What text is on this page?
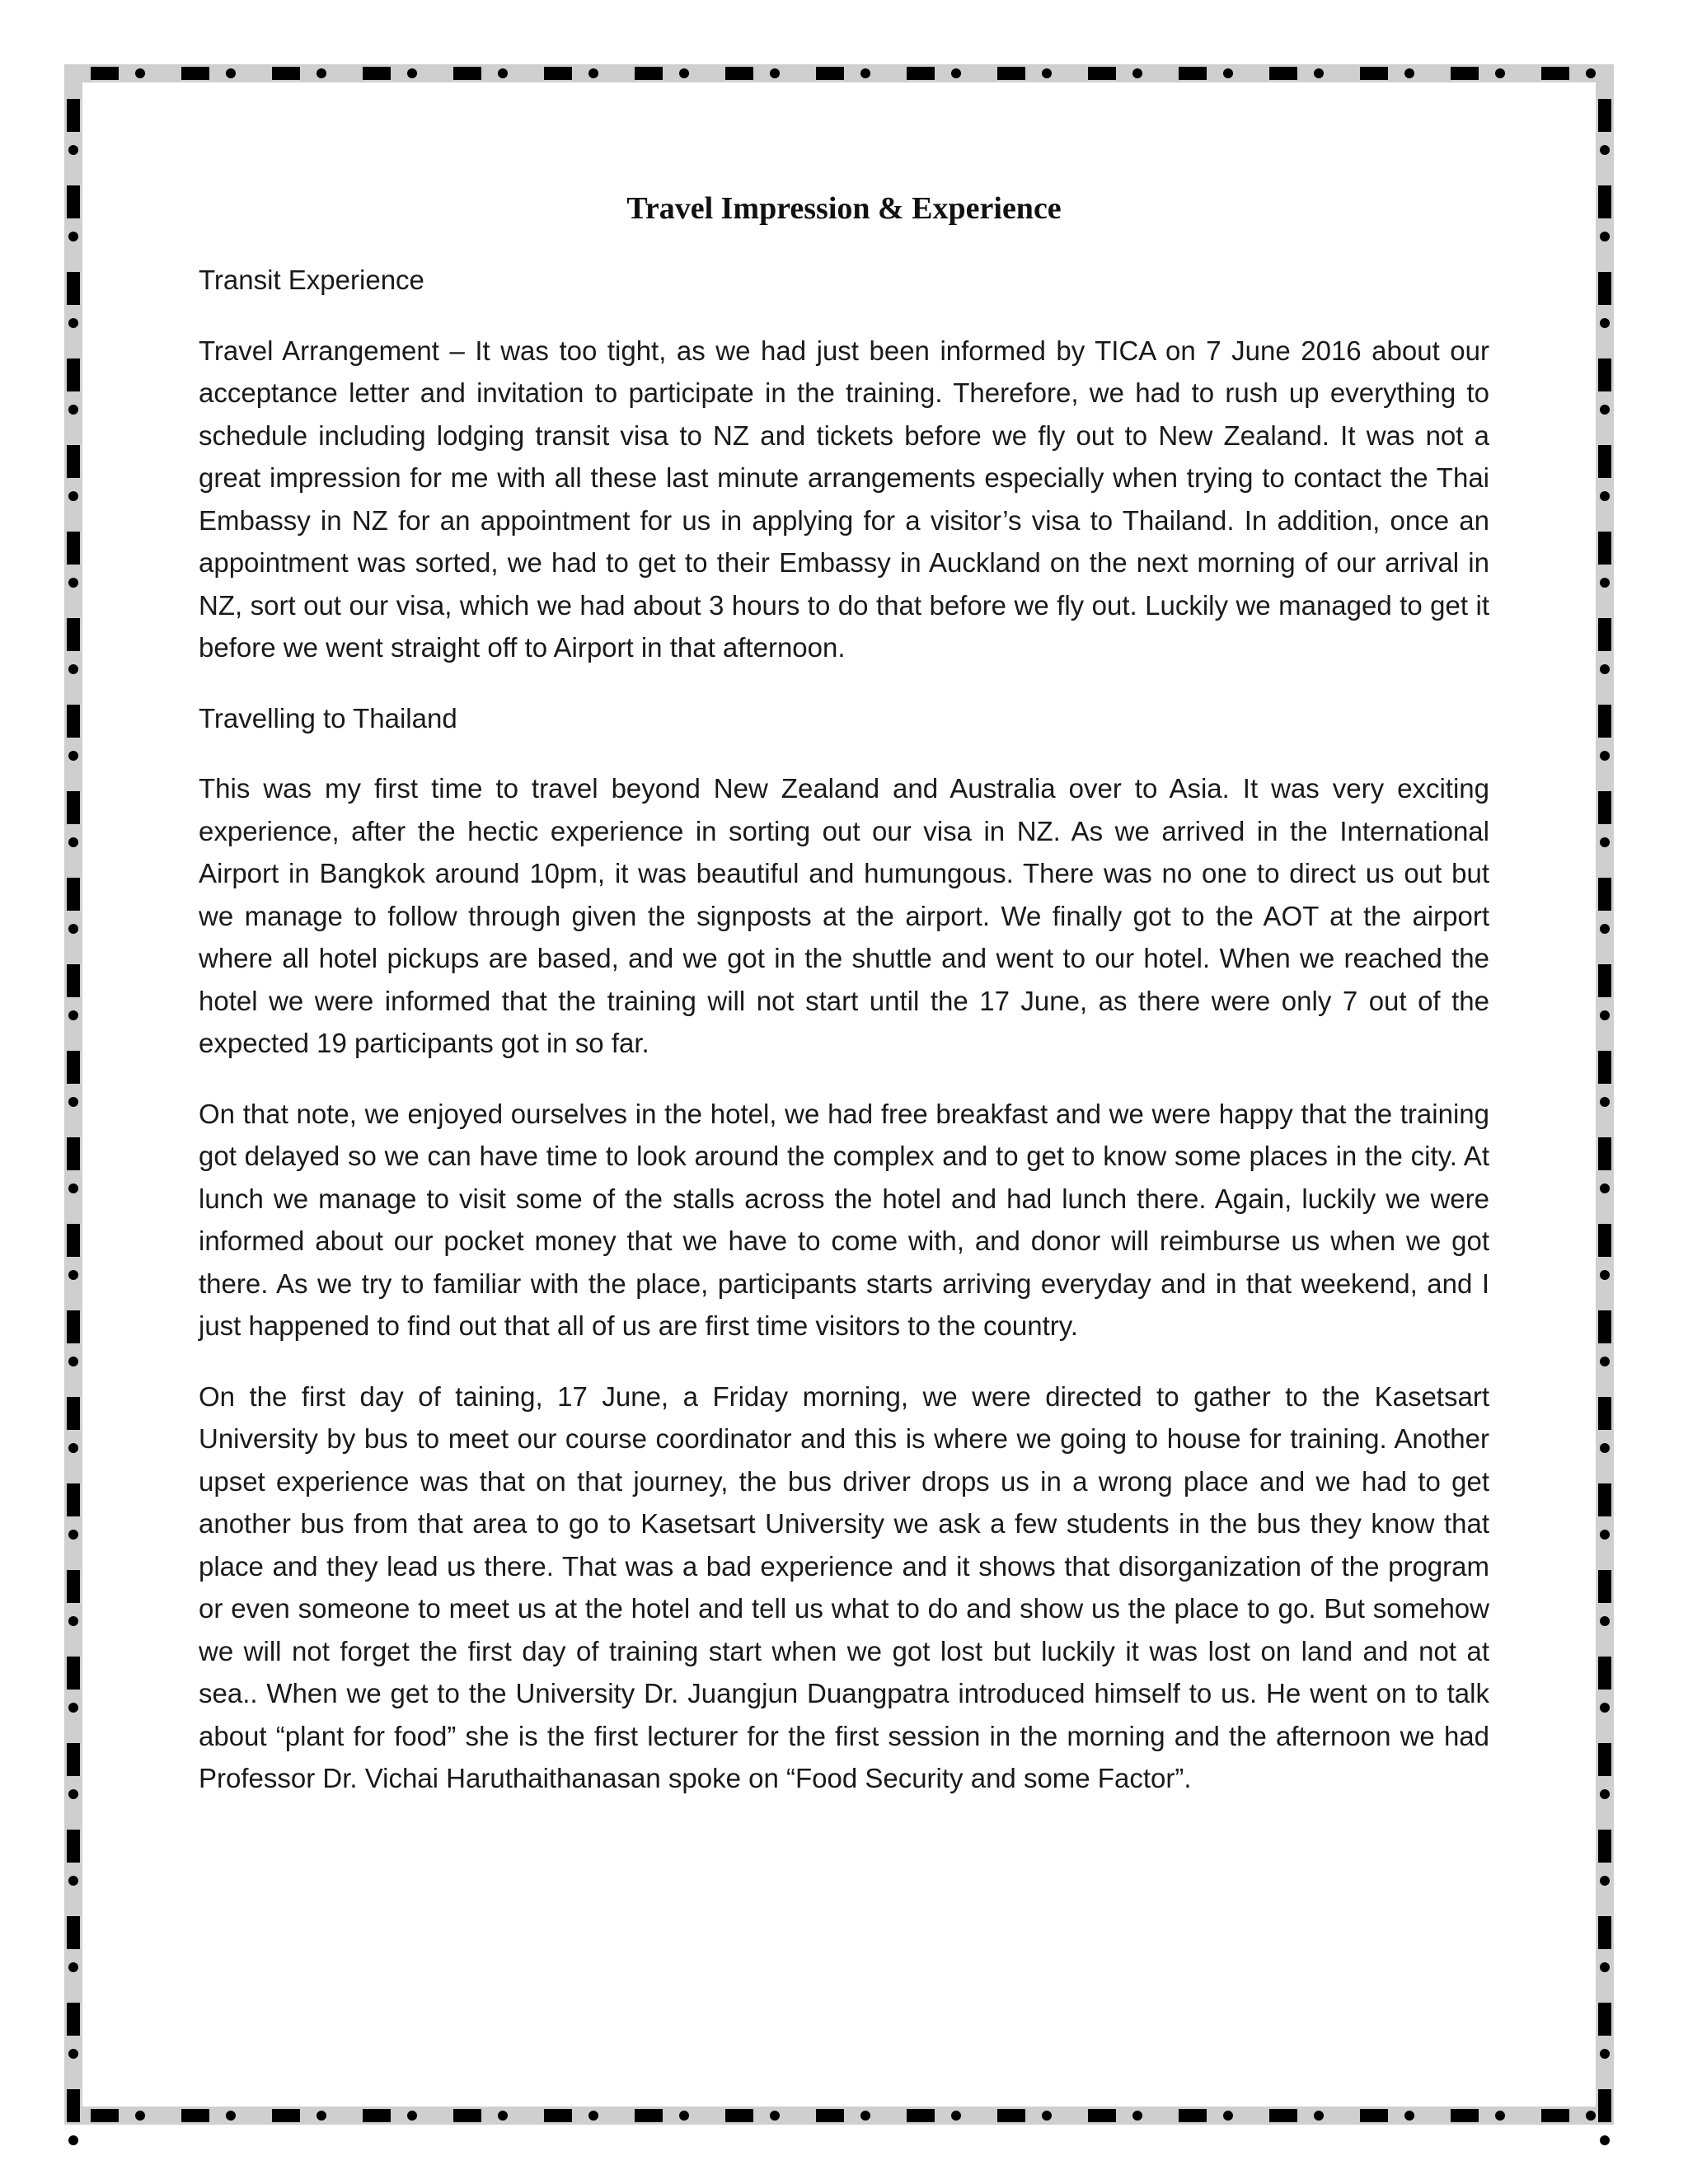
Travel Impression & Experience

Transit Experience

Travel Arrangement – It was too tight, as we had just been informed by TICA on 7 June 2016 about our acceptance letter and invitation to participate in the training. Therefore, we had to rush up everything to schedule including lodging transit visa to NZ and tickets before we fly out to New Zealand. It was not a great impression for me with all these last minute arrangements especially when trying to contact the Thai Embassy in NZ for an appointment for us in applying for a visitor’s visa to Thailand. In addition, once an appointment was sorted, we had to get to their Embassy in Auckland on the next morning of our arrival in NZ, sort out our visa, which we had about 3 hours to do that before we fly out. Luckily we managed to get it before we went straight off to Airport in that afternoon.

Travelling to Thailand

This was my first time to travel beyond New Zealand and Australia over to Asia. It was very exciting experience, after the hectic experience in sorting out our visa in NZ. As we arrived in the International Airport in Bangkok around 10pm, it was beautiful and humungous. There was no one to direct us out but we manage to follow through given the signposts at the airport. We finally got to the AOT at the airport where all hotel pickups are based, and we got in the shuttle and went to our hotel. When we reached the hotel we were informed that the training will not start until the 17 June, as there were only 7 out of the expected 19 participants got in so far.

On that note, we enjoyed ourselves in the hotel, we had free breakfast and we were happy that the training got delayed so we can have time to look around the complex and to get to know some places in the city. At lunch we manage to visit some of the stalls across the hotel and had lunch there. Again, luckily we were informed about our pocket money that we have to come with, and donor will reimburse us when we got there. As we try to familiar with the place, participants starts arriving everyday and in that weekend, and I just happened to find out that all of us are first time visitors to the country.

On the first day of taining, 17 June, a Friday morning, we were directed to gather to the Kasetsart University by bus to meet our course coordinator and this is where we going to house for training. Another upset experience was that on that journey, the bus driver drops us in a wrong place and we had to get another bus from that area to go to Kasetsart University we ask a few students in the bus they know that place and they lead us there. That was a bad experience and it shows that disorganization of the program or even someone to meet us at the hotel and tell us what to do and show us the place to go. But somehow we will not forget the first day of training start when we got lost but luckily it was lost on land and not at sea.. When we get to the University Dr. Juangjun Duangpatra introduced himself to us. He went on to talk about “plant for food” she is the first lecturer for the first session in the morning and the afternoon we had Professor Dr. Vichai Haruthaithanasan spoke on “Food Security and some Factor”.
